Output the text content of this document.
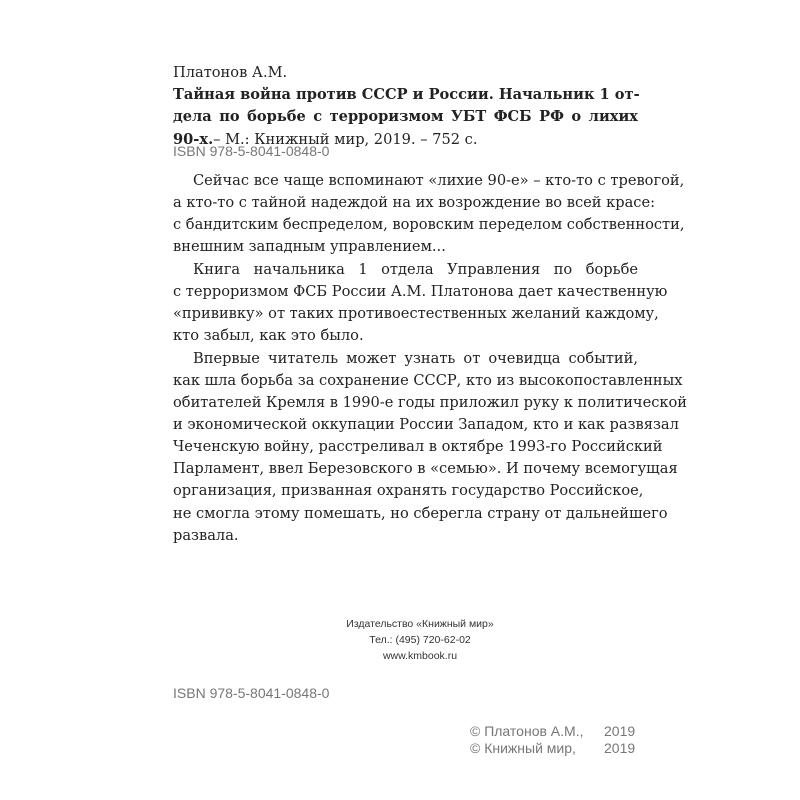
Платонов А.М.
Тайная война против СССР и России. Начальник 1 от-
дела по борьбе с терроризмом УБТ ФСБ РФ о лихих
90-х.– М.: Книжный мир, 2019. – 752 с.
ISBN 978-5-8041-0848-0
Сейчас все чаще вспоминают «лихие 90-е» – кто-то с тревогой,
а кто-то с тайной надеждой на их возрождение во всей красе:
с бандитским беспределом, воровским переделом собственности,
внешним западным управлением...
Книга начальника 1 отдела Управления по борьбе
с терроризмом ФСБ России А.М. Платонова дает качественную
«прививку» от таких противоестественных желаний каждому,
кто забыл, как это было.
Впервые читатель может узнать от очевидца событий,
как шла борьба за сохранение СССР, кто из высокопоставленных
обитателей Кремля в 1990-е годы приложил руку к политической
и экономической оккупации России Западом, кто и как развязал
Чеченскую войну, расстреливал в октябре 1993-го Российский
Парламент, ввел Березовского в «семью». И почему всемогущая
организация, призванная охранять государство Российское,
не смогла этому помешать, но сберегла страну от дальнейшего
развала.
Издательство «Книжный мир»
Тел.: (495) 720-62-02
www.kmbook.ru
ISBN 978-5-8041-0848-0
© Платонов А.М., 2019
© Книжный мир, 2019
